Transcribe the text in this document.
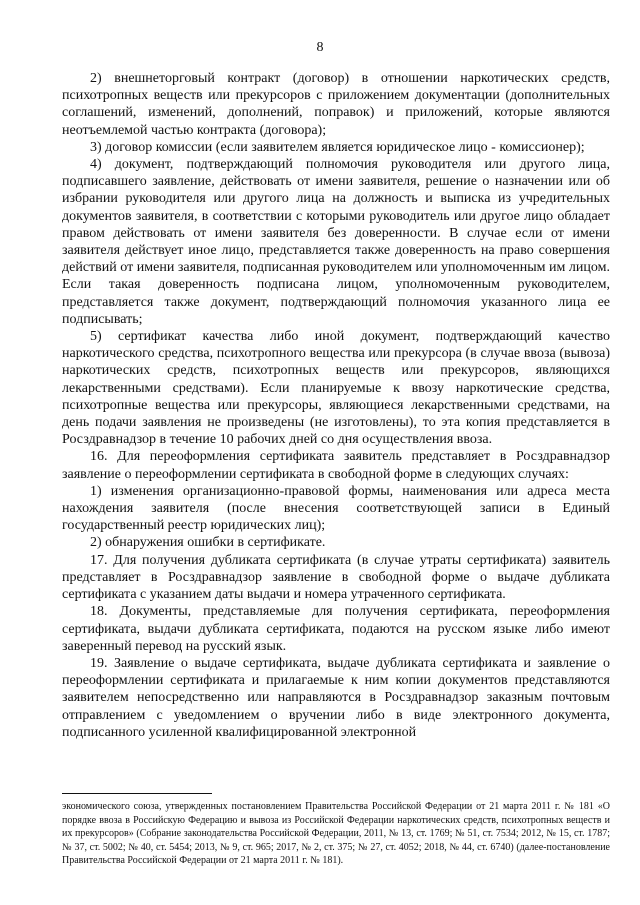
8

2) внешнеторговый контракт (договор) в отношении наркотических средств, психотропных веществ или прекурсоров с приложением документации (дополнительных соглашений, изменений, дополнений, поправок) и приложений, которые являются неотъемлемой частью контракта (договора);

3) договор комиссии (если заявителем является юридическое лицо - комиссионер);

4) документ, подтверждающий полномочия руководителя или другого лица, подписавшего заявление, действовать от имени заявителя, решение о назначении или об избрании руководителя или другого лица на должность и выписка из учредительных документов заявителя, в соответствии с которыми руководитель или другое лицо обладает правом действовать от имени заявителя без доверенности. В случае если от имени заявителя действует иное лицо, представляется также доверенность на право совершения действий от имени заявителя, подписанная руководителем или уполномоченным им лицом. Если такая доверенность подписана лицом, уполномоченным руководителем, представляется также документ, подтверждающий полномочия указанного лица ее подписывать;

5) сертификат качества либо иной документ, подтверждающий качество наркотического средства, психотропного вещества или прекурсора (в случае ввоза (вывоза) наркотических средств, психотропных веществ или прекурсоров, являющихся лекарственными средствами). Если планируемые к ввозу наркотические средства, психотропные вещества или прекурсоры, являющиеся лекарственными средствами, на день подачи заявления не произведены (не изготовлены), то эта копия представляется в Росздравнадзор в течение 10 рабочих дней со дня осуществления ввоза.

16. Для переоформления сертификата заявитель представляет в Росздравнадзор заявление о переоформлении сертификата в свободной форме в следующих случаях:

1) изменения организационно-правовой формы, наименования или адреса места нахождения заявителя (после внесения соответствующей записи в Единый государственный реестр юридических лиц);

2) обнаружения ошибки в сертификате.

17. Для получения дубликата сертификата (в случае утраты сертификата) заявитель представляет в Росздравнадзор заявление в свободной форме о выдаче дубликата сертификата с указанием даты выдачи и номера утраченного сертификата.

18. Документы, представляемые для получения сертификата, переоформления сертификата, выдачи дубликата сертификата, подаются на русском языке либо имеют заверенный перевод на русский язык.

19. Заявление о выдаче сертификата, выдаче дубликата сертификата и заявление о переоформлении сертификата и прилагаемые к ним копии документов представляются заявителем непосредственно или направляются в Росздравнадзор заказным почтовым отправлением с уведомлением о вручении либо в виде электронного документа, подписанного усиленной квалифицированной электронной

экономического союза, утвержденных постановлением Правительства Российской Федерации от 21 марта 2011 г. № 181 «О порядке ввоза в Российскую Федерацию и вывоза из Российской Федерации наркотических средств, психотропных веществ и их прекурсоров» (Собрание законодательства Российской Федерации, 2011, № 13, ст. 1769; № 51, ст. 7534; 2012, № 15, ст. 1787; № 37, ст. 5002; № 40, ст. 5454; 2013, № 9, ст. 965; 2017, № 2, ст. 375; № 27, ст. 4052; 2018, № 44, ст. 6740) (далее-постановление Правительства Российской Федерации от 21 марта 2011 г. № 181).
